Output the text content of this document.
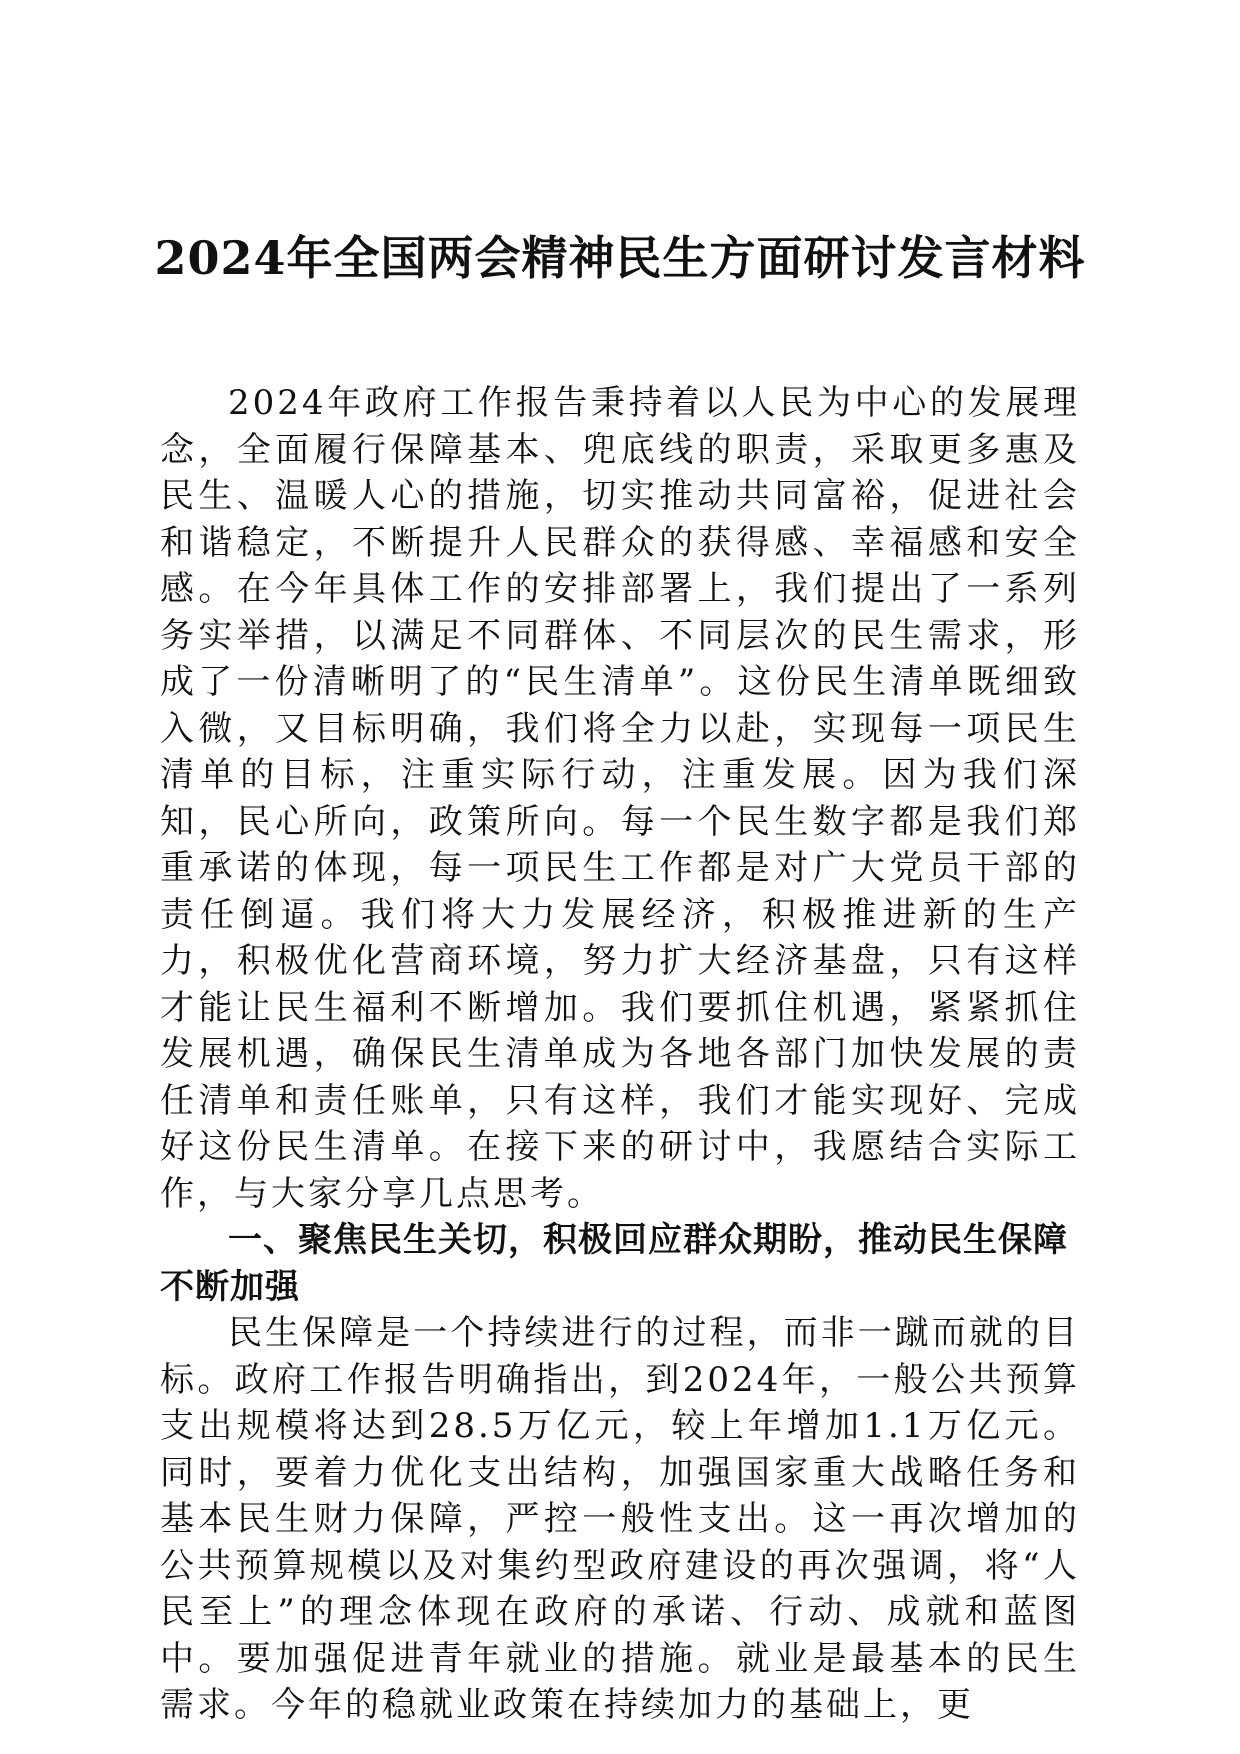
2024年全国两会精神民生方面研讨发言材料

2024年政府工作报告秉持着以人民为中心的发展理念，全面履行保障基本、兜底线的职责，采取更多惠及民生、温暖人心的措施，切实推动共同富裕，促进社会和谐稳定，不断提升人民群众的获得感、幸福感和安全感。在今年具体工作的安排部署上，我们提出了一系列务实举措，以满足不同群体、不同层次的民生需求，形成了一份清晰明了的“民生清单”。这份民生清单既细致入微，又目标明确，我们将全力以赴，实现每一项民生清单的目标，注重实际行动，注重发展。因为我们深知，民心所向，政策所向。每一个民生数字都是我们郑重承诺的体现，每一项民生工作都是对广大党员干部的责任倒逼。我们将大力发展经济，积极推进新的生产力，积极优化营商环境，努力扩大经济基盘，只有这样才能让民生福利不断增加。我们要抓住机遇，紧紧抓住发展机遇，确保民生清单成为各地各部门加快发展的责任清单和责任账单，只有这样，我们才能实现好、完成好这份民生清单。在接下来的研讨中，我愿结合实际工作，与大家分享几点思考。

一、聚焦民生关切，积极回应群众期盼，推动民生保障不断加强

民生保障是一个持续进行的过程，而非一蹴而就的目标。政府工作报告明确指出，到2024年，一般公共预算支出规模将达到28.5万亿元，较上年增加1.1万亿元。同时，要着力优化支出结构，加强国家重大战略任务和基本民生财力保障，严控一般性支出。这一再次增加的公共预算规模以及对集约型政府建设的再次强调，将“人民至上”的理念体现在政府的承诺、行动、成就和蓝图中。要加强促进青年就业的措施。就业是最基本的民生需求。今年的稳就业政策在持续加力的基础上，更
